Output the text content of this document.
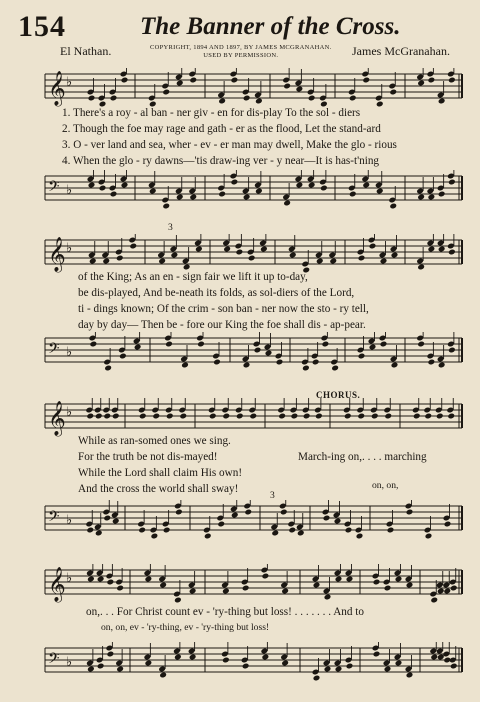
154	The Banner of the Cross.
El Nathan.	COPYRIGHT, 1894 AND 1897, BY JAMES MCGRANAHAN.
USED BY PERMISSION.	James McGranahan.
𝄞 ♭
𝄢 ♭
𝄞 ♭
𝄢 ♭
𝄞 ♭
𝄢 ♭
𝄞 ♭
𝄢 ♭
1. There's a roy - al ban - ner giv - en for dis-play To the sol - diers
2. Though the foe may rage and gath - er as the flood, Let the stand-ard
3. O - ver land and sea, wher - ev - er man may dwell, Make the glo - rious
4. When the glo - ry dawns—'tis draw-ing ver - y near—It is has-t'ning
3
of the King; As an en - sign fair we lift it up to-day,
be dis-played, And be-neath its folds, as sol-diers of the Lord,
ti - dings known; Of the crim - son ban - ner now the sto - ry tell,
day by day— Then be - fore our King the foe shall dis - ap-pear.
CHORUS.
While as ran-somed ones we sing.
For the truth be not dis-mayed!
While the Lord shall claim His own!
And the cross the world shall sway!
March-ing on,. . . . marching
on, on,
3
on,. . . For Christ count ev - 'ry-thing but loss! . . . . . . . And to
on, on, ev - 'ry-thing, ev - 'ry-thing but loss!
